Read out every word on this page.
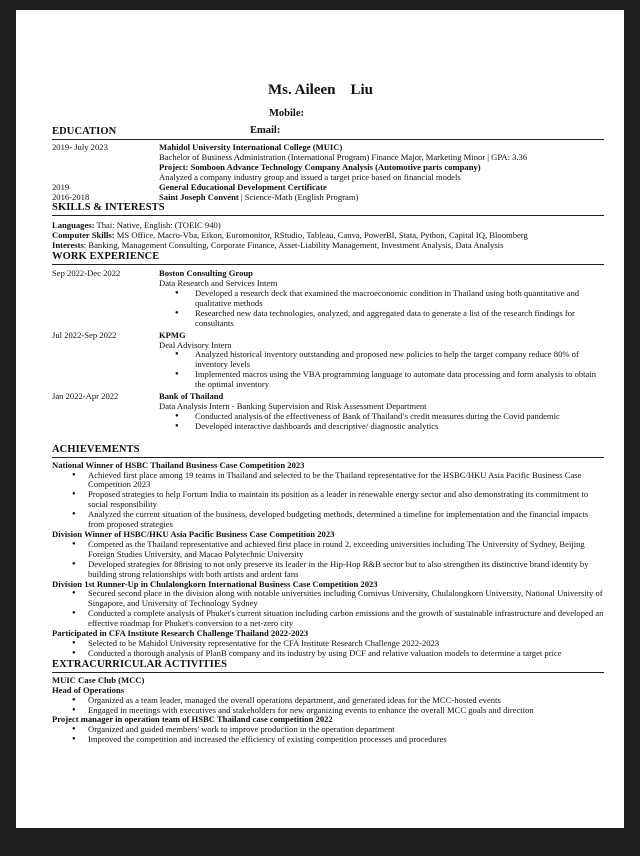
Ms. Aileen    Liu
Mobile:
Email:
EDUCATION
2019- July 2023	Mahidol University International College (MUIC)
Bachelor of Business Administration (International Program) Finance Major, Marketing Minor | GPA: 3.36
Project: Somboon Advance Technology Company Analysis (Automotive parts company)
Analyzed a company industry group and issued a target price based on financial models
2019	General Educational Development Certificate
2016-2018	Saint Joseph Convent | Science-Math (English Program)
SKILLS & INTERESTS
Languages: Thai: Native, English: (TOEIC 940)
Computer Skills: MS Office, Macro-Vba, Eikon, Euromonitor, RStudio, Tableau, Canva, PowerBI, Stata, Python, Capital IQ, Bloomberg
Interests: Banking, Management Consulting, Corporate Finance, Asset-Liability Management, Investment Analysis, Data Analysis
WORK EXPERIENCE
Sep 2022-Dec 2022	Boston Consulting Group
Data Research and Services Intern
● Developed a research deck that examined the macroeconomic condition in Thailand using both quantitative and qualitative methods
● Researched new data technologies, analyzed, and aggregated data to generate a list of the research findings for consultants
Jul 2022-Sep 2022	KPMG
Deal Advisory Intern
● Analyzed historical inventory outstanding and proposed new policies to help the target company reduce 80% of inventory levels
● Implemented macros using the VBA programming language to automate data processing and form analysis to obtain the optimal inventory
Jan 2022-Apr 2022	Bank of Thailand
Data Analysis Intern - Banking Supervision and Risk Assessment Department
● Conducted analysis of the effectiveness of Bank of Thailand’s credit measures during the Covid pandemic
● Developed interactive dashboards and descriptive/ diagnostic analytics
ACHIEVEMENTS
National Winner of HSBC Thailand Business Case Competition 2023
● Achieved first place among 19 teams in Thailand and selected to be the Thailand representative for the HSBC/HKU Asia Pacific Business Case Competition 2023
● Proposed strategies to help Fortum India to maintain its position as a leader in renewable energy sector and also demonstrating its commitment to social responsibility
● Analyzed the current situation of the business, developed budgeting methods, determined a timeline for implementation and the financial impacts from proposed strategies
Division Winner of HSBC/HKU Asia Pacific Business Case Competition 2023
● Competed as the Thailand representative and achieved first place in round 2, exceeding universities including The University of Sydney, Beijing Foreign Studies University, and Macao Polytechnic University
● Developed strategies for 88rising to not only preserve its leader in the Hip-Hop R&B sector but to also strengthen its distinctive brand identity by building strong relationships with both artists and ardent fans
Division 1st Runner-Up in Chulalongkorn International Business Case Competition 2023
● Secured second place in the division along with notable universities including Cornivus University, Chulalongkorn University, National University of Singapore, and University of Technology Sydney
● Conducted a complete analysis of Phuket's current situation including carbon emissions and the growth of sustainable infrastructure and developed an effective roadmap for Phuket's conversion to a net-zero city
Participated in CFA Institute Research Challenge Thailand 2022-2023
● Selected to be Mahidol University representative for the CFA Institute Research Challenge 2022-2023
● Conducted a thorough analysis of PlanB company and its industry by using DCF and relative valuation models to determine a target price
EXTRACURRICULAR ACTIVITIES
MUIC Case Club (MCC)
Head of Operations
● Organized as a team leader, managed the overall operations department, and generated ideas for the MCC-hosted events
● Engaged in meetings with executives and stakeholders for new organizing events to enhance the overall MCC goals and direction
Project manager in operation team of HSBC Thailand case competition 2022
● Organized and guided members' work to improve production in the operation department
● Improved the competition and increased the efficiency of existing competition processes and procedures
